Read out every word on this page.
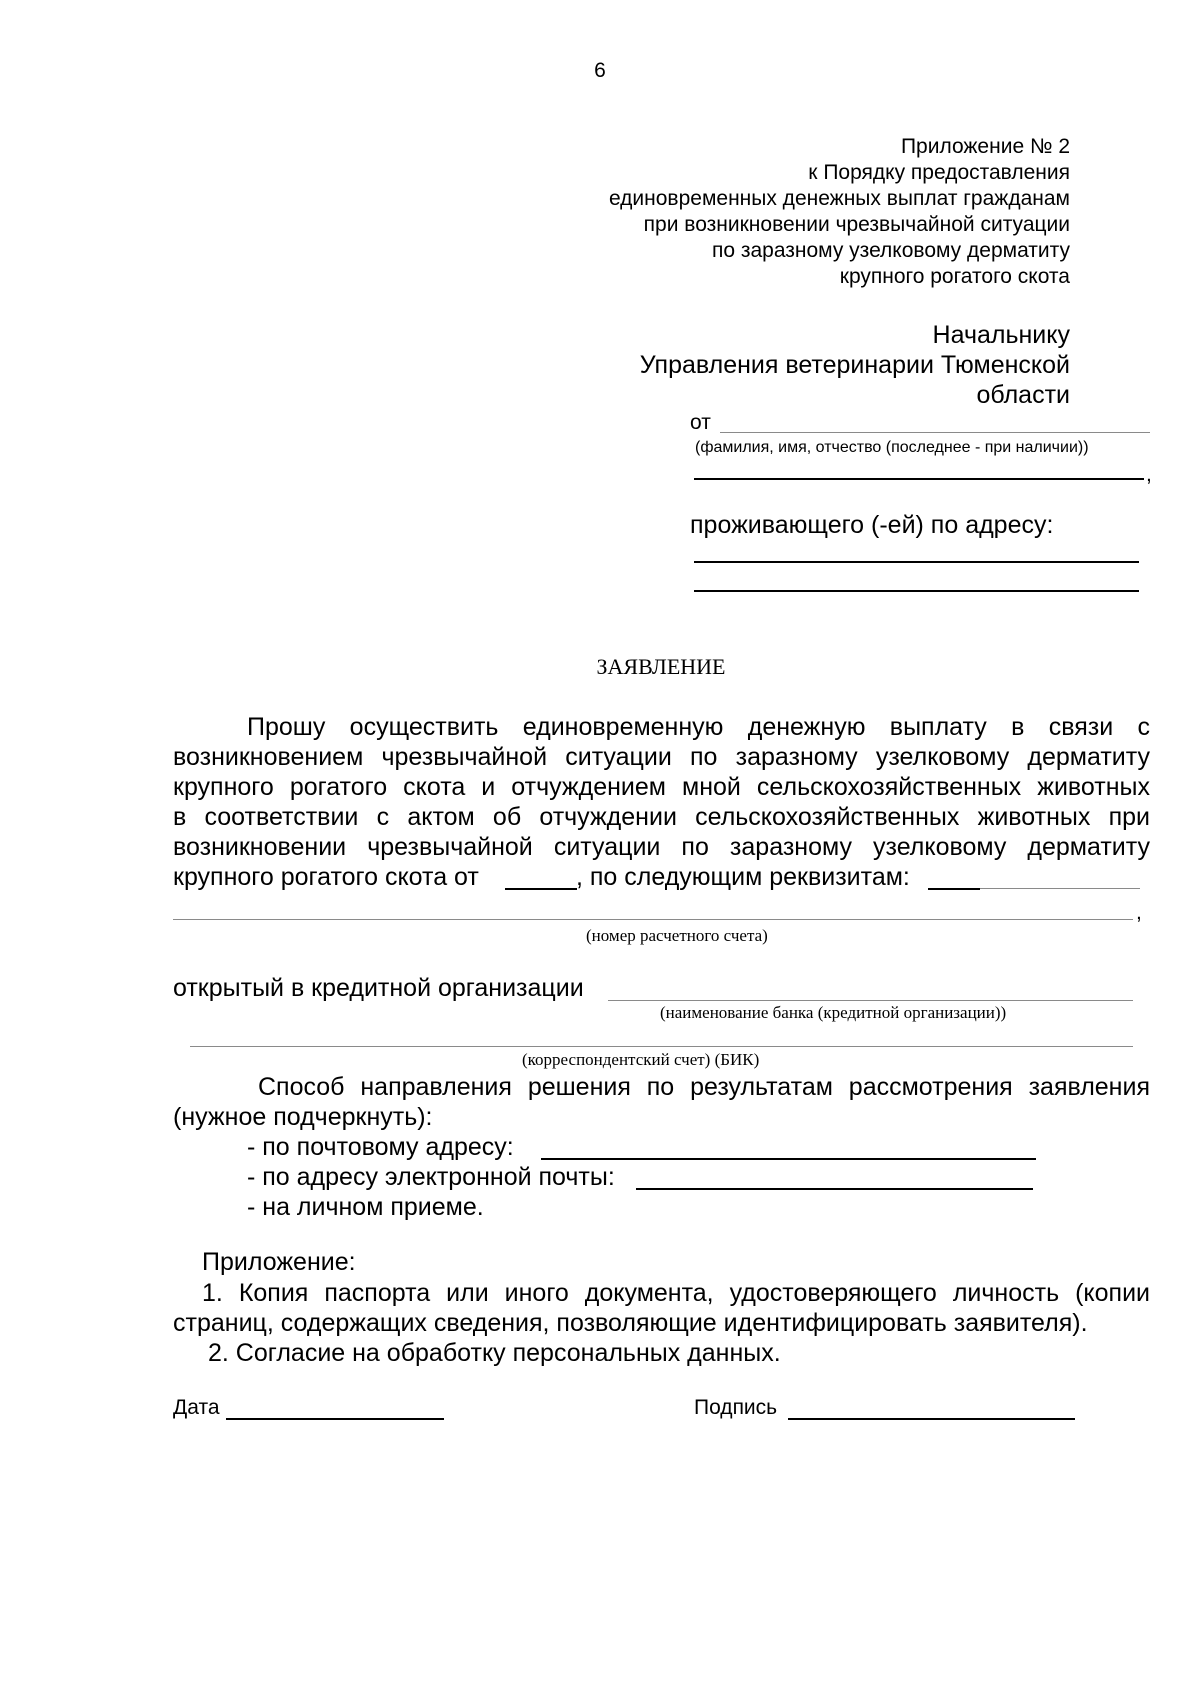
6
Приложение № 2
к Порядку предоставления
единовременных денежных выплат гражданам
при возникновении чрезвычайной ситуации
по заразному узелковому дерматиту
крупного рогатого скота
Начальнику
Управления ветеринарии Тюменской
области
от
(фамилия, имя, отчество (последнее - при наличии))
,
проживающего (-ей) по адресу:
ЗАЯВЛЕНИЕ
Прошу осуществить единовременную денежную выплату в связи с
возникновением чрезвычайной ситуации по заразному узелковому дерматиту
крупного рогатого скота и отчуждением мной сельскохозяйственных животных
в соответствии с актом об отчуждении сельскохозяйственных животных при
возникновении чрезвычайной ситуации по заразному узелковому дерматиту
крупного рогатого скота от	, по следующим реквизитам:
,
(номер расчетного счета)
открытый в кредитной организации
(наименование банка (кредитной организации))
(корреспондентский счет) (БИК)
Способ направления решения по результатам рассмотрения заявления
(нужное подчеркнуть):
- по почтовому адресу:
- по адресу электронной почты:
- на личном приеме.
Приложение:
1. Копия паспорта или иного документа, удостоверяющего личность (копии
страниц, содержащих сведения, позволяющие идентифицировать заявителя).
2. Согласие на обработку персональных данных.
Дата	Подпись
